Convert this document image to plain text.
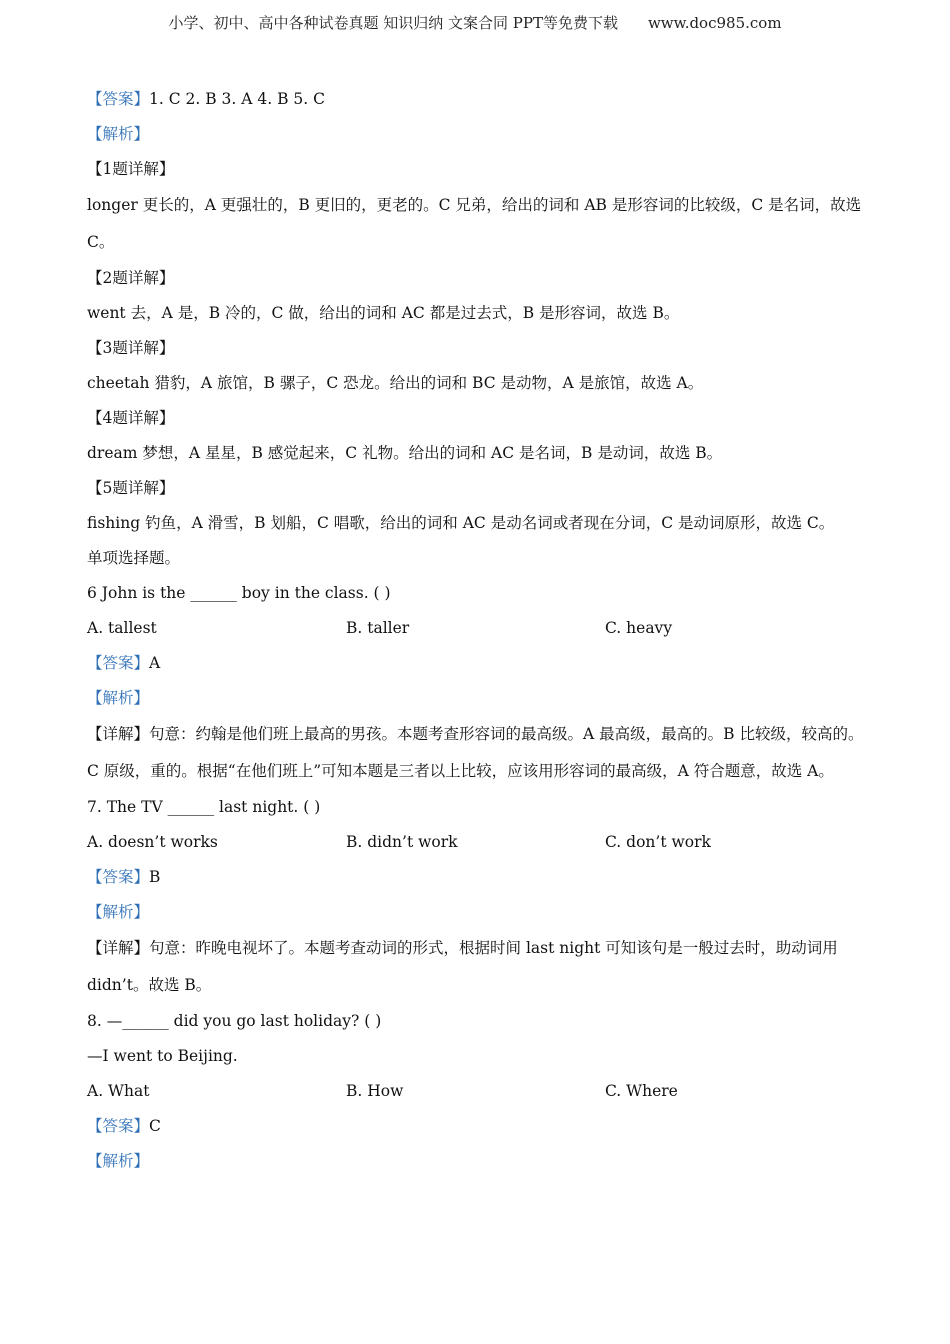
小学、初中、高中各种试卷真题 知识归纳 文案合同 PPT等免费下载 www.doc985.com
【答案】1. C 2. B 3. A 4. B 5. C
【解析】
【1题详解】
longer 更长的，A 更强壮的，B 更旧的，更老的。C 兄弟，给出的词和 AB 是形容词的比较级，C 是名词，故选 C。
【2题详解】
went 去，A 是，B 冷的，C 做，给出的词和 AC 都是过去式，B 是形容词，故选 B。
【3题详解】
cheetah 猎豹，A 旅馆，B 骡子，C 恐龙。给出的词和 BC 是动物，A 是旅馆，故选 A。
【4题详解】
dream 梦想，A 星星，B 感觉起来，C 礼物。给出的词和 AC 是名词，B 是动词，故选 B。
【5题详解】
fishing 钓鱼，A 滑雪，B 划船，C 唱歌，给出的词和 AC 是动名词或者现在分词，C 是动词原形，故选 C。
单项选择题。
6 John is the ______ boy in the class. ( )
A. tallest	B. taller	C. heavy
【答案】A
【解析】
【详解】句意：约翰是他们班上最高的男孩。本题考查形容词的最高级。A 最高级，最高的。B 比较级，较高的。C 原级，重的。根据“在他们班上”可知本题是三者以上比较，应该用形容词的最高级，A 符合题意，故选 A。
7. The TV ______ last night. ( )
A. doesn’t works	B. didn’t work	C. don’t work
【答案】B
【解析】
【详解】句意：昨晚电视坏了。本题考查动词的形式，根据时间 last night 可知该句是一般过去时，助动词用 didn’t。故选 B。
8. —______ did you go last holiday? ( )
—I went to Beijing.
A. What	B. How	C. Where
【答案】C
【解析】
